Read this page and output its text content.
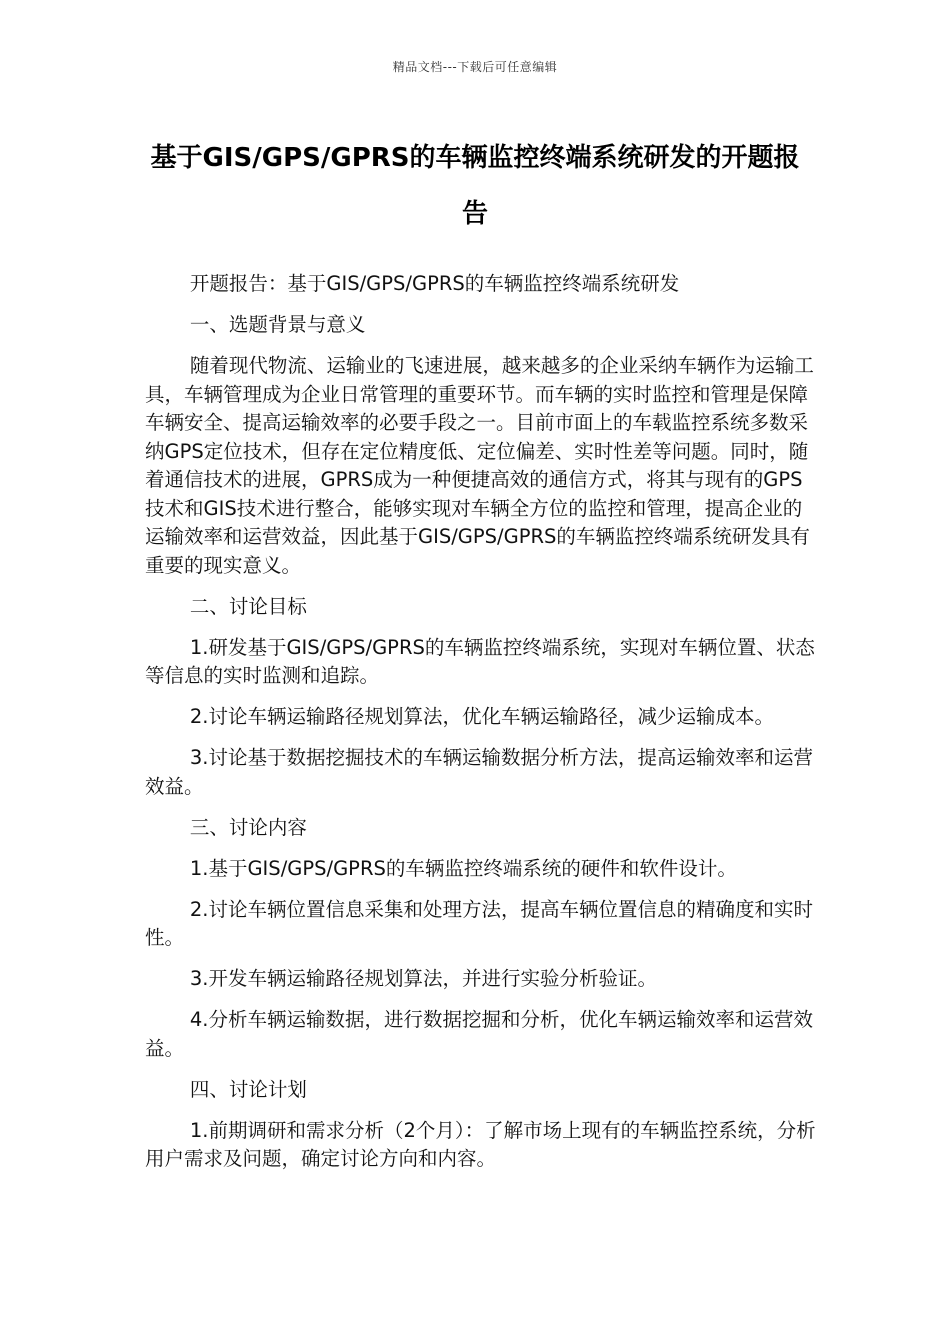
精品文档---下载后可任意编辑
基于GIS/GPS/GPRS的车辆监控终端系统研发的开题报告

开题报告：基于GIS/GPS/GPRS的车辆监控终端系统研发

一、选题背景与意义

随着现代物流、运输业的飞速进展，越来越多的企业采纳车辆作为运输工具，车辆管理成为企业日常管理的重要环节。而车辆的实时监控和管理是保障车辆安全、提高运输效率的必要手段之一。目前市面上的车载监控系统多数采纳GPS定位技术，但存在定位精度低、定位偏差、实时性差等问题。同时，随着通信技术的进展，GPRS成为一种便捷高效的通信方式，将其与现有的GPS技术和GIS技术进行整合，能够实现对车辆全方位的监控和管理，提高企业的运输效率和运营效益，因此基于GIS/GPS/GPRS的车辆监控终端系统研发具有重要的现实意义。

二、讨论目标

1.研发基于GIS/GPS/GPRS的车辆监控终端系统，实现对车辆位置、状态等信息的实时监测和追踪。

2.讨论车辆运输路径规划算法，优化车辆运输路径，减少运输成本。

3.讨论基于数据挖掘技术的车辆运输数据分析方法，提高运输效率和运营效益。

三、讨论内容

1.基于GIS/GPS/GPRS的车辆监控终端系统的硬件和软件设计。

2.讨论车辆位置信息采集和处理方法，提高车辆位置信息的精确度和实时性。

3.开发车辆运输路径规划算法，并进行实验分析验证。

4.分析车辆运输数据，进行数据挖掘和分析，优化车辆运输效率和运营效益。

四、讨论计划

1.前期调研和需求分析（2个月）：了解市场上现有的车辆监控系统，分析用户需求及问题，确定讨论方向和内容。
